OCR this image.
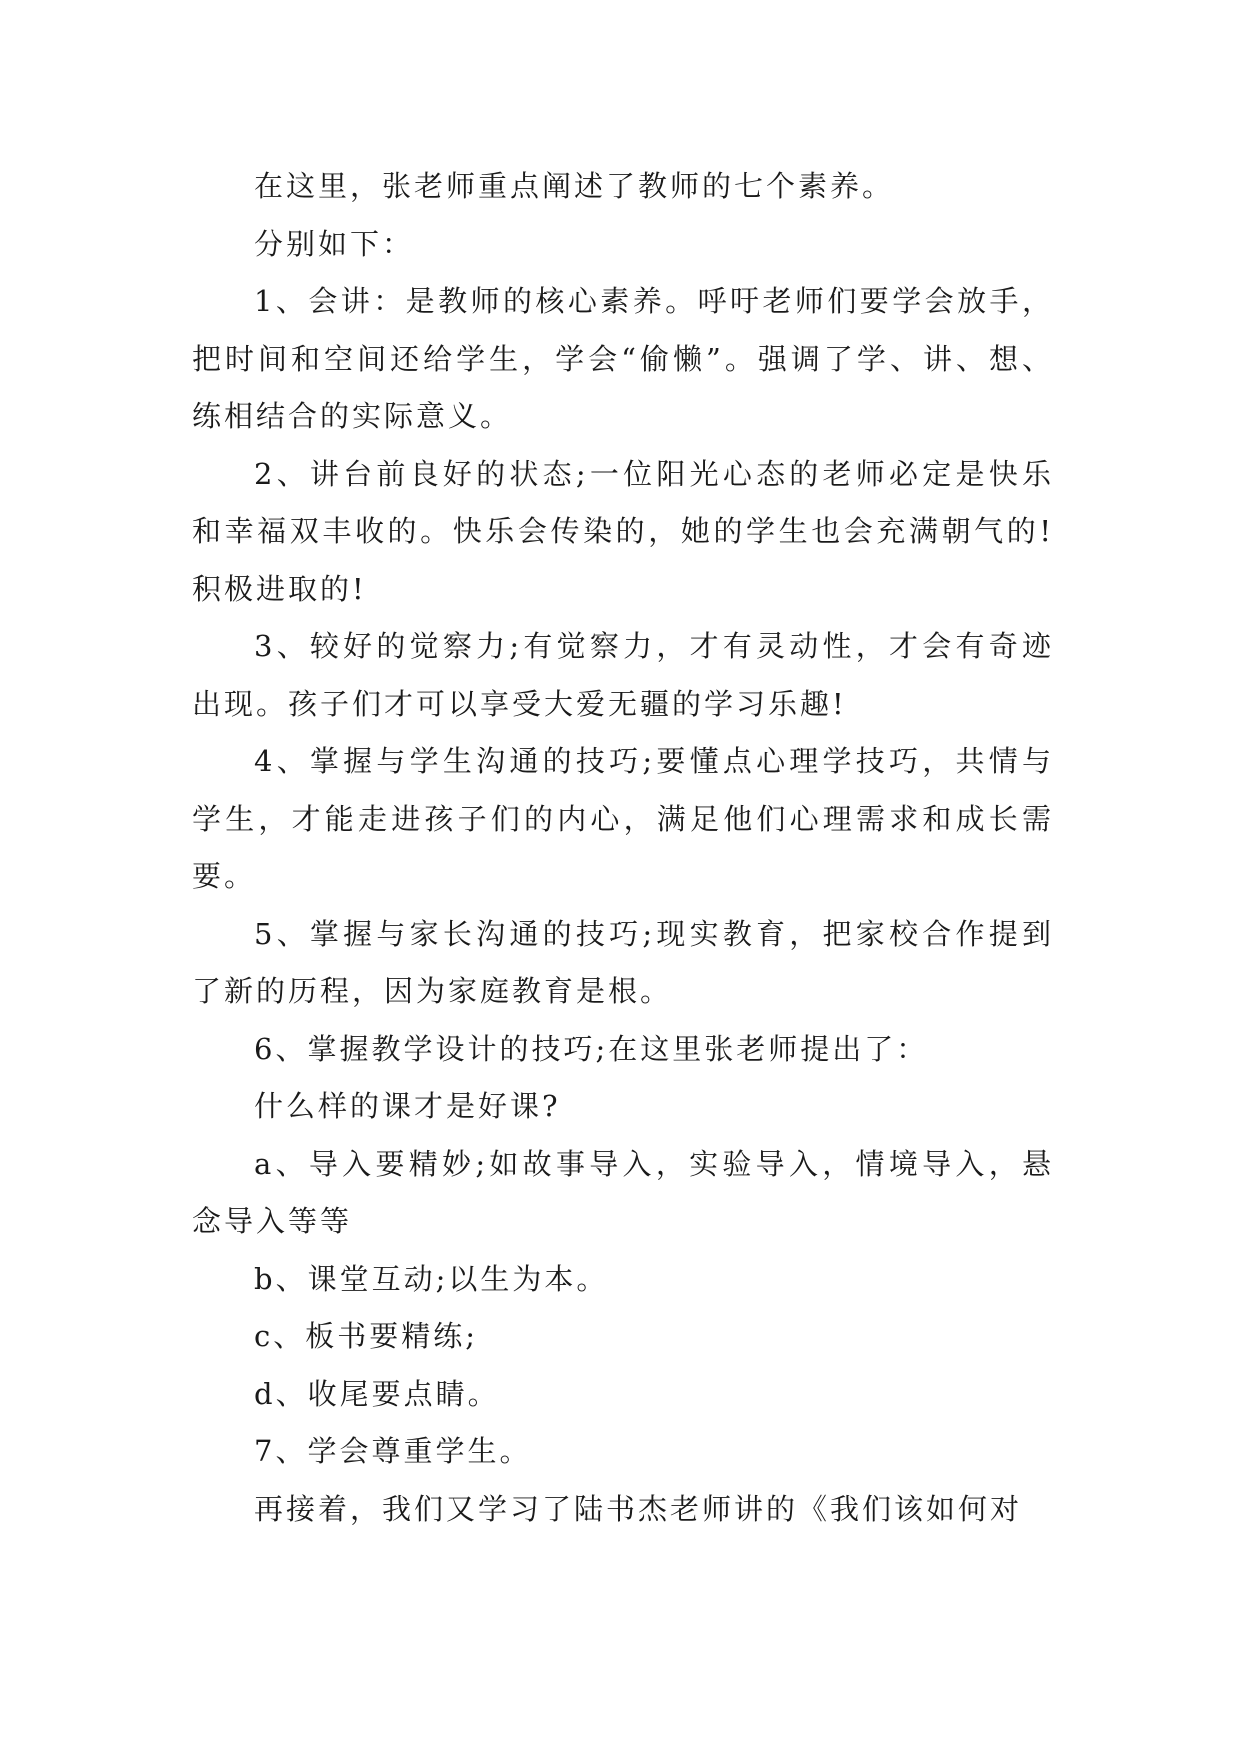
在这里，张老师重点阐述了教师的七个素养。

分别如下：

1、会讲：是教师的核心素养。呼吁老师们要学会放手，把时间和空间还给学生，学会“偷懒”。强调了学、讲、想、练相结合的实际意义。

2、讲台前良好的状态;一位阳光心态的老师必定是快乐和幸福双丰收的。快乐会传染的，她的学生也会充满朝气的!积极进取的!

3、较好的觉察力;有觉察力，才有灵动性，才会有奇迹出现。孩子们才可以享受大爱无疆的学习乐趣!

4、掌握与学生沟通的技巧;要懂点心理学技巧，共情与学生，才能走进孩子们的内心，满足他们心理需求和成长需要。

5、掌握与家长沟通的技巧;现实教育，把家校合作提到了新的历程，因为家庭教育是根。

6、掌握教学设计的技巧;在这里张老师提出了：

什么样的课才是好课?

a、导入要精妙;如故事导入，实验导入，情境导入，悬念导入等等

b、课堂互动;以生为本。

c、板书要精练;

d、收尾要点睛。

7、学会尊重学生。

再接着，我们又学习了陆书杰老师讲的《我们该如何对
